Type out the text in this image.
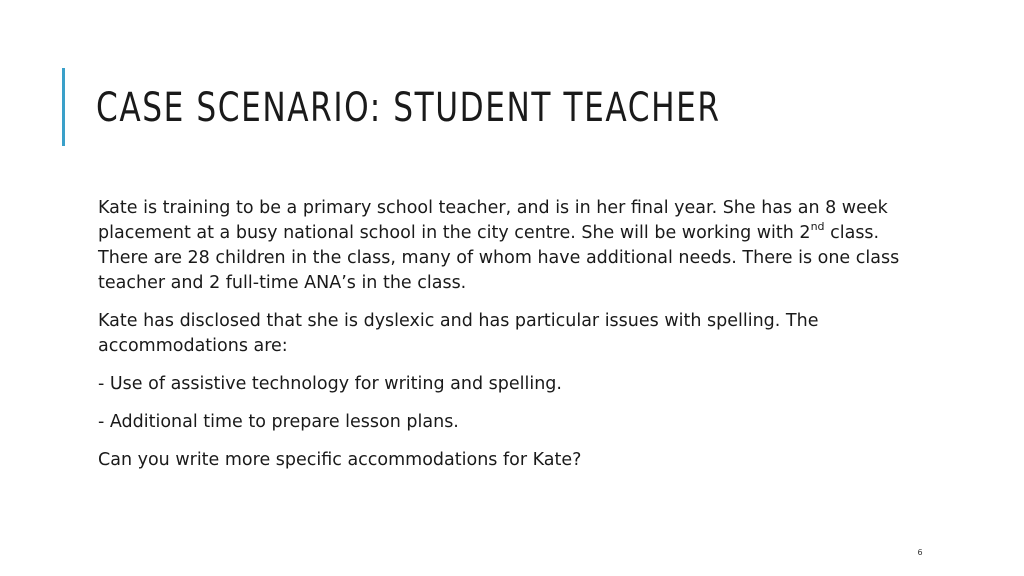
CASE SCENARIO: STUDENT TEACHER

Kate is training to be a primary school teacher, and is in her final year. She has an 8 week placement at a busy national school in the city centre. She will be working with 2nd class. There are 28 children in the class, many of whom have additional needs. There is one class teacher and 2 full-time ANA’s in the class.

Kate has disclosed that she is dyslexic and has particular issues with spelling. The accommodations are:

- Use of assistive technology for writing and spelling.

- Additional time to prepare lesson plans.

Can you write more specific accommodations for Kate?

6
